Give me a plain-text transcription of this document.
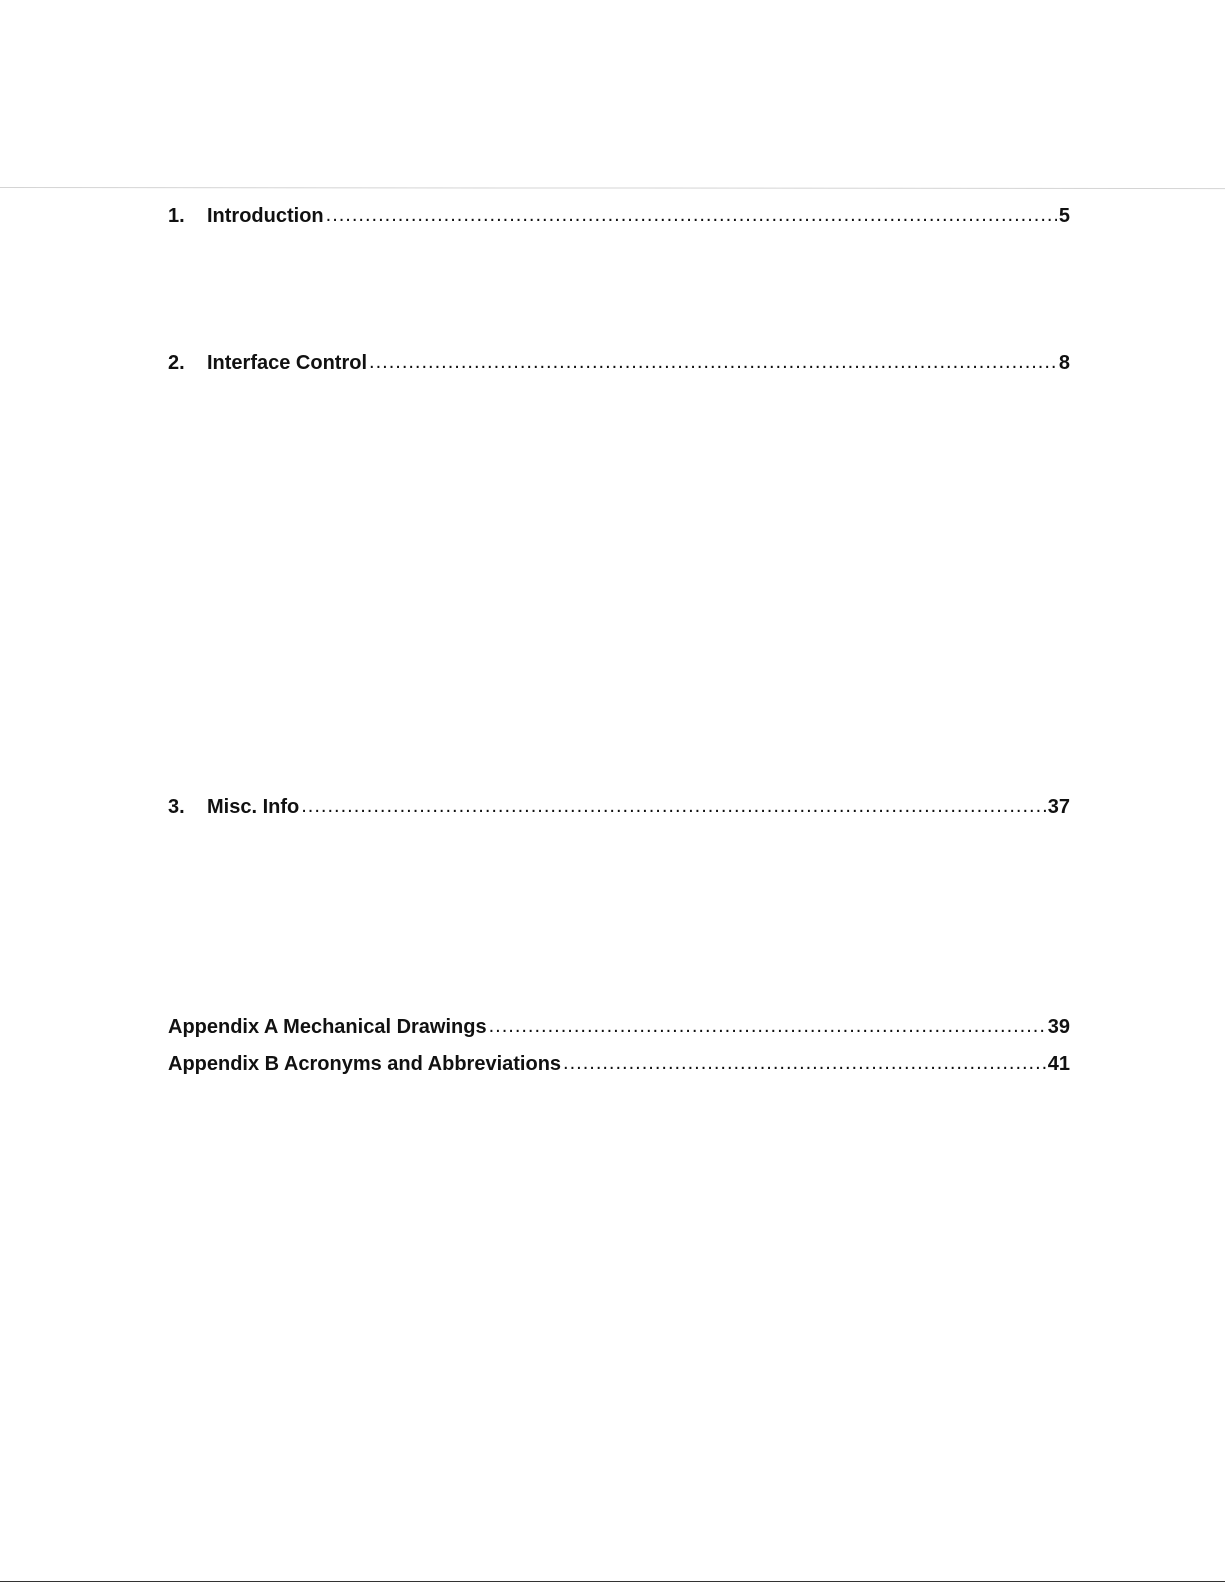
1.	Introduction .....	5
2.	Interface Control .....	8
3.	Misc. Info .....	37
Appendix A Mechanical Drawings .....	39
Appendix B Acronyms and Abbreviations .....	41
